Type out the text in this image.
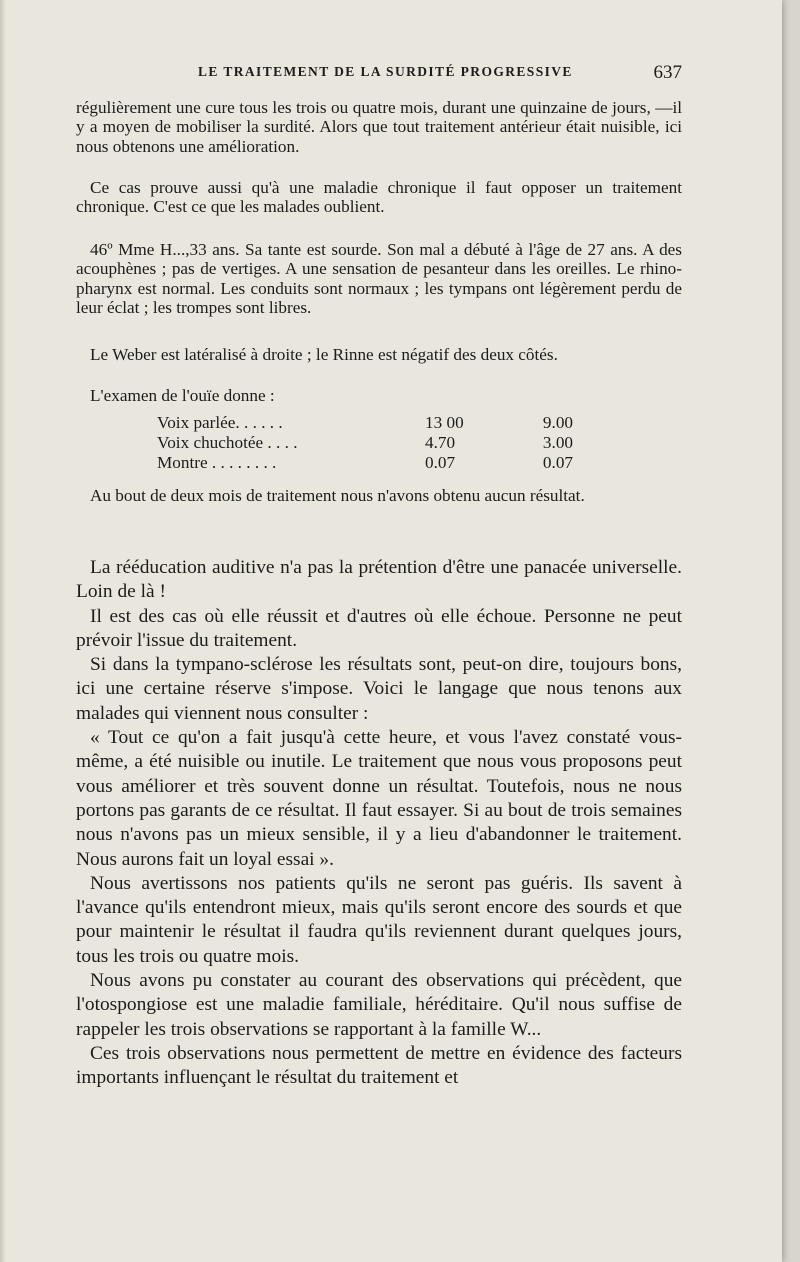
LE TRAITEMENT DE LA SURDITÉ PROGRESSIVE	637

régulièrement une cure tous les trois ou quatre mois, durant une quinzaine de jours, —il y a moyen de mobiliser la surdité. Alors que tout traitement antérieur était nuisible, ici nous obtenons une amélioration.

Ce cas prouve aussi qu'à une maladie chronique il faut opposer un traitement chronique. C'est ce que les malades oublient.

46º Mme H...,33 ans. Sa tante est sourde. Son mal a débuté à l'âge de 27 ans. A des acouphènes ; pas de vertiges. A une sensation de pesanteur dans les oreilles. Le rhino-pharynx est normal. Les conduits sont normaux ; les tympans ont légèrement perdu de leur éclat ; les trompes sont libres.

Le Weber est latéralisé à droite ; le Rinne est négatif des deux côtés.

L'examen de l'ouïe donne :

Voix parlée. . . . . .	13 00	9.00
Voix chuchotée . . . .	4.70	3.00
Montre . . . . . . . .	0.07	0.07

Au bout de deux mois de traitement nous n'avons obtenu aucun résultat.

La rééducation auditive n'a pas la prétention d'être une panacée universelle. Loin de là !

Il est des cas où elle réussit et d'autres où elle échoue. Personne ne peut prévoir l'issue du traitement.

Si dans la tympano-sclérose les résultats sont, peut-on dire, toujours bons, ici une certaine réserve s'impose. Voici le langage que nous tenons aux malades qui viennent nous consulter :

« Tout ce qu'on a fait jusqu'à cette heure, et vous l'avez constaté vous-même, a été nuisible ou inutile. Le traitement que nous vous proposons peut vous améliorer et très souvent donne un résultat. Toutefois, nous ne nous portons pas garants de ce résultat. Il faut essayer. Si au bout de trois semaines nous n'avons pas un mieux sensible, il y a lieu d'abandonner le traitement. Nous aurons fait un loyal essai ».

Nous avertissons nos patients qu'ils ne seront pas guéris. Ils savent à l'avance qu'ils entendront mieux, mais qu'ils seront encore des sourds et que pour maintenir le résultat il faudra qu'ils reviennent durant quelques jours, tous les trois ou quatre mois.

Nous avons pu constater au courant des observations qui précèdent, que l'otospongiose est une maladie familiale, héréditaire. Qu'il nous suffise de rappeler les trois observations se rapportant à la famille W...

Ces trois observations nous permettent de mettre en évidence des facteurs importants influençant le résultat du traitement et
